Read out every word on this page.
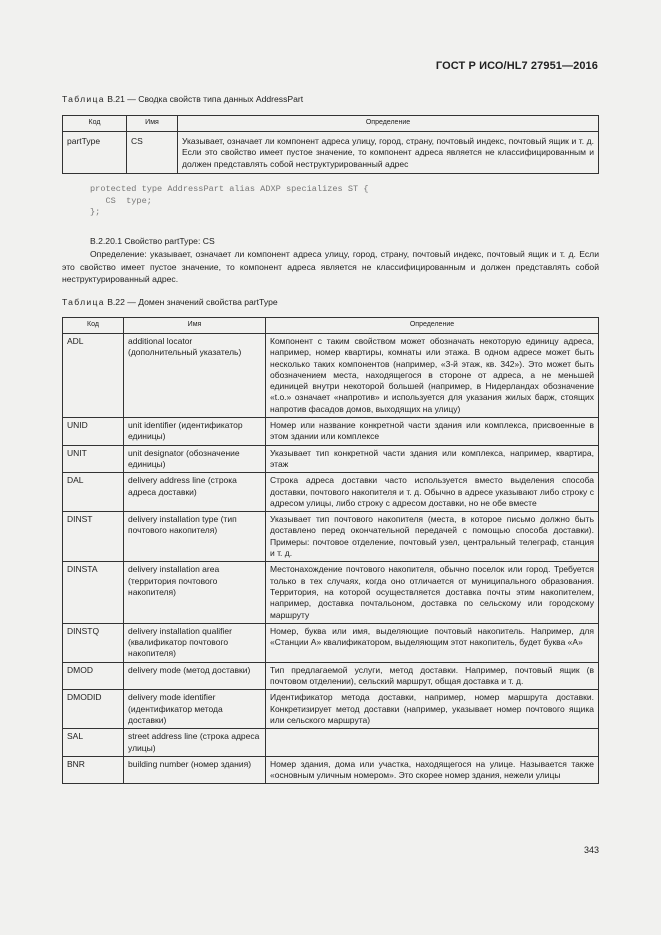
ГОСТ Р ИСО/HL7 27951—2016
Таблица В.21 — Сводка свойств типа данных AddressPart
Код	Имя	Определение
partType	CS	Указывает, означает ли компонент адреса улицу, город, страну, почтовый индекс, почтовый ящик и т. д. Если это свойство имеет пустое значение, то компонент адреса является не классифицированным и должен представлять собой неструктурированный адрес
protected type AddressPart alias ADXP specializes ST {
CS  type;
};
В.2.20.1 Свойство partType: CS
Определение: указывает, означает ли компонент адреса улицу, город, страну, почтовый индекс, почтовый ящик и т. д. Если это свойство имеет пустое значение, то компонент адреса является не классифицированным и должен представлять собой неструктурированный адрес.
Таблица В.22 — Домен значений свойства partType
Код	Имя	Определение
ADL	additional locator (дополнительный указатель)	Компонент с таким свойством может обозначать некоторую единицу адреса, например, номер квартиры, комнаты или этажа. В одном адресе может быть несколько таких компонентов (например, «3-й этаж, кв. 342»). Это может быть обозначением места, находящегося в стороне от адреса, а не меньшей единицей внутри некоторой большей (например, в Нидерландах обозначение «t.o.» означает «напротив» и используется для указания жилых барж, стоящих напротив фасадов домов, выходящих на улицу)
UNID	unit identifier (идентификатор единицы)	Номер или название конкретной части здания или комплекса, присвоенные в этом здании или комплексе
UNIT	unit designator (обозначение единицы)	Указывает тип конкретной части здания или комплекса, например, квартира, этаж
DAL	delivery address line (строка адреса доставки)	Строка адреса доставки часто используется вместо выделения способа доставки, почтового накопителя и т. д. Обычно в адресе указывают либо строку с адресом улицы, либо строку с адресом доставки, но не обе вместе
DINST	delivery installation type (тип почтового накопителя)	Указывает тип почтового накопителя (места, в которое письмо должно быть доставлено перед окончательной передачей с помощью способа доставки). Примеры: почтовое отделение, почтовый узел, центральный телеграф, станция и т. д.
DINSTA	delivery installation area (территория почтового накопителя)	Местонахождение почтового накопителя, обычно поселок или город. Требуется только в тех случаях, когда оно отличается от муниципального образования. Территория, на которой осуществляется доставка почты этим накопителем, например, доставка почтальоном, доставка по сельскому или городскому маршруту
DINSTQ	delivery installation qualifier (квалификатор почтового накопителя)	Номер, буква или имя, выделяющие почтовый накопитель. Например, для «Станции А» квалификатором, выделяющим этот накопитель, будет буква «А»
DMOD	delivery mode (метод доставки)	Тип предлагаемой услуги, метод доставки. Например, почтовый ящик (в почтовом отделении), сельский маршрут, общая доставка и т. д.
DMODID	delivery mode identifier (идентификатор метода доставки)	Идентификатор метода доставки, например, номер маршрута доставки. Конкретизирует метод доставки (например, указывает номер почтового ящика или сельского маршрута)
SAL	street address line (строка адреса улицы)	
BNR	building number (номер здания)	Номер здания, дома или участка, находящегося на улице. Называется также «основным уличным номером». Это скорее номер здания, нежели улицы
343
